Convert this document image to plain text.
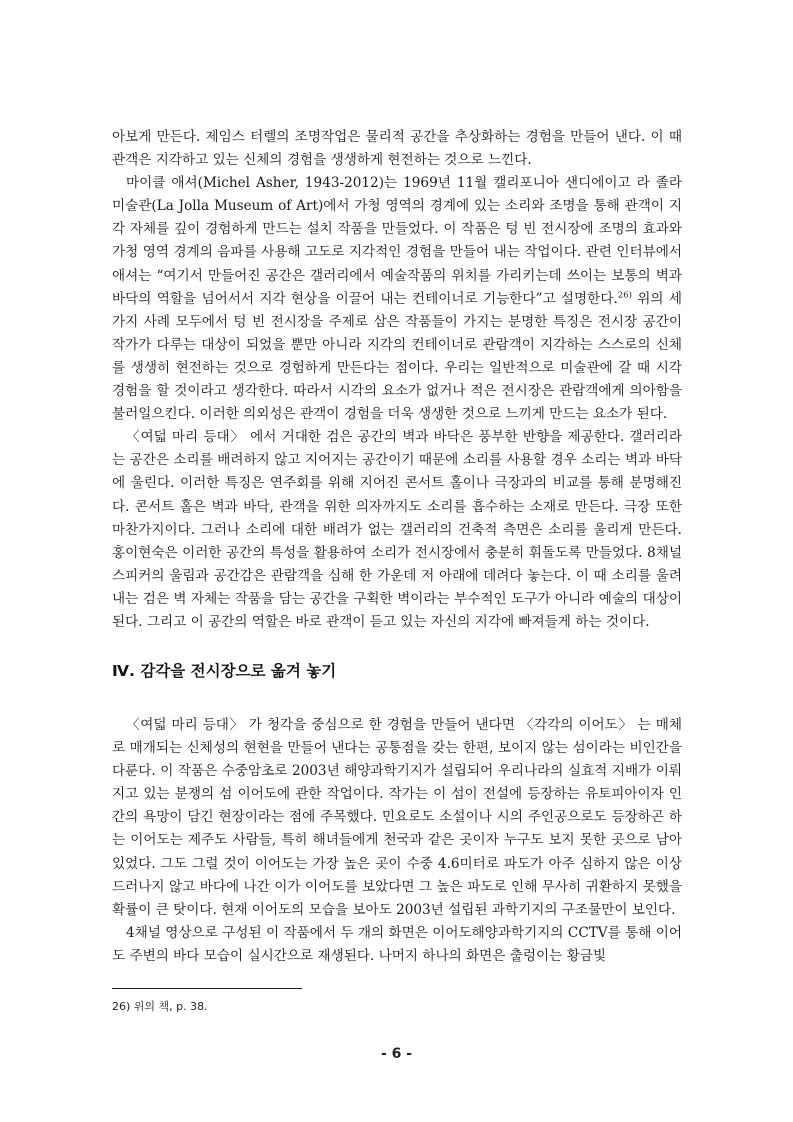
아보게 만든다. 제임스 터렐의 조명작업은 물리적 공간을 추상화하는 경험을 만들어 낸다. 이 때 관객은 지각하고 있는 신체의 경험을 생생하게 현전하는 것으로 느낀다.

마이클 애셔(Michel Asher, 1943-2012)는 1969년 11월 캘리포니아 샌디에이고 라 졸라 미술관(La Jolla Museum of Art)에서 가청 영역의 경계에 있는 소리와 조명을 통해 관객이 지각 자체를 깊이 경험하게 만드는 설치 작품을 만들었다. 이 작품은 텅 빈 전시장에 조명의 효과와 가청 영역 경계의 음파를 사용해 고도로 지각적인 경험을 만들어 내는 작업이다. 관련 인터뷰에서 애셔는 “여기서 만들어진 공간은 갤러리에서 예술작품의 위치를 가리키는데 쓰이는 보통의 벽과 바닥의 역할을 넘어서서 지각 현상을 이끌어 내는 컨테이너로 기능한다”고 설명한다.$^{26)}$ 위의 세 가지 사례 모두에서 텅 빈 전시장을 주제로 삼은 작품들이 가지는 분명한 특징은 전시장 공간이 작가가 다루는 대상이 되었을 뿐만 아니라 지각의 컨테이너로 관람객이 지각하는 스스로의 신체를 생생히 현전하는 것으로 경험하게 만든다는 점이다. 우리는 일반적으로 미술관에 갈 때 시각 경험을 할 것이라고 생각한다. 따라서 시각의 요소가 없거나 적은 전시장은 관람객에게 의아함을 불러일으킨다. 이러한 의외성은 관객이 경험을 더욱 생생한 것으로 느끼게 만드는 요소가 된다.

〈여덟 마리 등대〉 에서 거대한 검은 공간의 벽과 바닥은 풍부한 반향을 제공한다. 갤러리라는 공간은 소리를 배려하지 않고 지어지는 공간이기 때문에 소리를 사용할 경우 소리는 벽과 바닥에 울린다. 이러한 특징은 연주회를 위해 지어진 콘서트 홀이나 극장과의 비교를 통해 분명해진다. 콘서트 홀은 벽과 바닥, 관객을 위한 의자까지도 소리를 흡수하는 소재로 만든다. 극장 또한 마찬가지이다. 그러나 소리에 대한 배려가 없는 갤러리의 건축적 측면은 소리를 울리게 만든다. 홍이현숙은 이러한 공간의 특성을 활용하여 소리가 전시장에서 충분히 휘돌도록 만들었다. 8채널 스피커의 울림과 공간감은 관람객을 심해 한 가운데 저 아래에 데려다 놓는다. 이 때 소리를 울려 내는 검은 벽 자체는 작품을 담는 공간을 구획한 벽이라는 부수적인 도구가 아니라 예술의 대상이 된다. 그리고 이 공간의 역할은 바로 관객이 듣고 있는 자신의 지각에 빠져들게 하는 것이다.

Ⅳ. 감각을 전시장으로 옮겨 놓기

〈여덟 마리 등대〉 가 청각을 중심으로 한 경험을 만들어 낸다면 〈각각의 이어도〉 는 매체로 매개되는 신체성의 현현을 만들어 낸다는 공통점을 갖는 한편, 보이지 않는 섬이라는 비인간을 다룬다. 이 작품은 수중암초로 2003년 해양과학기지가 설립되어 우리나라의 실효적 지배가 이뤄지고 있는 분쟁의 섬 이어도에 관한 작업이다. 작가는 이 섬이 전설에 등장하는 유토피아이자 인간의 욕망이 담긴 현장이라는 점에 주목했다. 민요로도 소설이나 시의 주인공으로도 등장하곤 하는 이어도는 제주도 사람들, 특히 해녀들에게 천국과 같은 곳이자 누구도 보지 못한 곳으로 남아있었다. 그도 그럴 것이 이어도는 가장 높은 곳이 수중 4.6미터로 파도가 아주 심하지 않은 이상 드러나지 않고 바다에 나간 이가 이어도를 보았다면 그 높은 파도로 인해 무사히 귀환하지 못했을 확률이 큰 탓이다. 현재 이어도의 모습을 보아도 2003년 설립된 과학기지의 구조물만이 보인다.

4채널 영상으로 구성된 이 작품에서 두 개의 화면은 이어도해양과학기지의 CCTV를 통해 이어도 주변의 바다 모습이 실시간으로 재생된다. 나머지 하나의 화면은 출렁이는 황금빛

26) 위의 책, p. 38.

- 6 -
